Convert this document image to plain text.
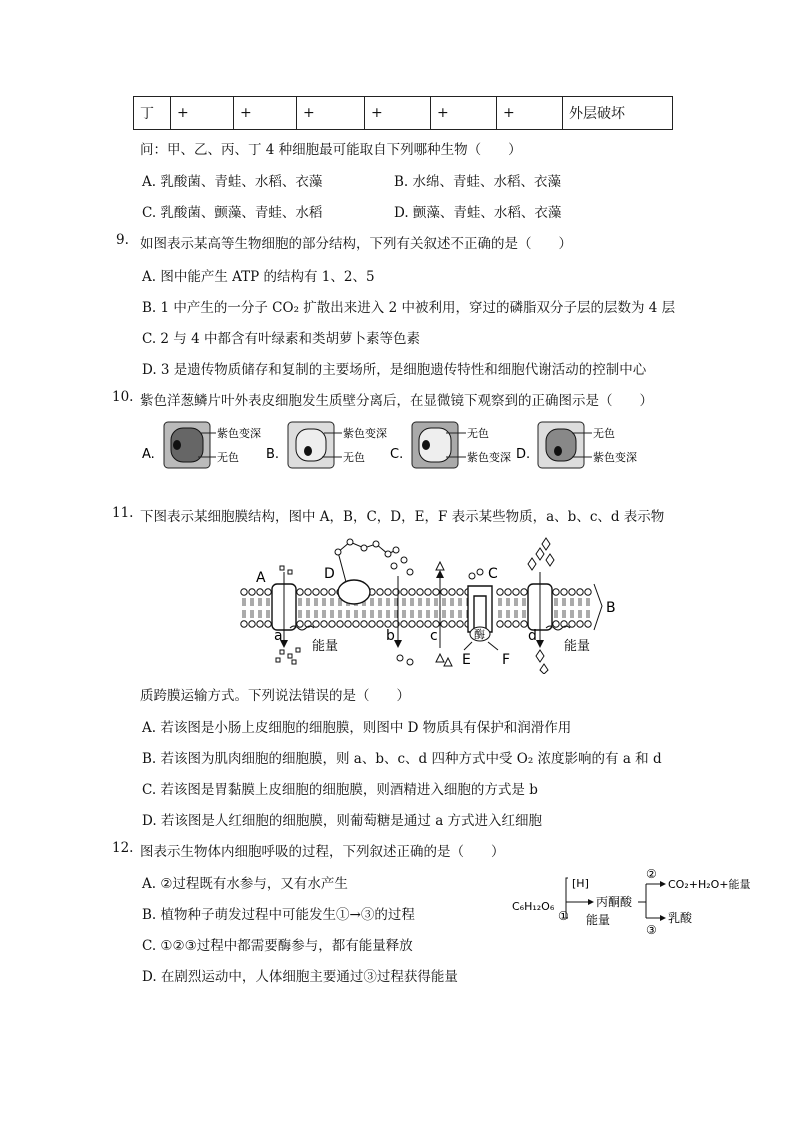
丁	+	+	+	+	+	+	外层破坏
问：甲、乙、丙、丁 4 种细胞最可能取自下列哪种生物（　　）
A. 乳酸菌、青蛙、水稻、衣藻	B. 水绵、青蛙、水稻、衣藻
C. 乳酸菌、颤藻、青蛙、水稻	D. 颤藻、青蛙、水稻、衣藻
9. 如图表示某高等生物细胞的部分结构，下列有关叙述不正确的是（　　）
A. 图中能产生 ATP 的结构有 1、2、5
B. 1 中产生的一分子 CO₂ 扩散出来进入 2 中被利用，穿过的磷脂双分子层的层数为 4 层
C. 2 与 4 中都含有叶绿素和类胡萝卜素等色素
D. 3 是遗传物质储存和复制的主要场所，是细胞遗传特性和细胞代谢活动的控制中心
10. 紫色洋葱鳞片叶外表皮细胞发生质壁分离后，在显微镜下观察到的正确图示是（　　）
A.
紫色变深
无色 B.
紫色变深
无色 C.
无色
紫色变深 D.
无色
紫色变深
11. 下图表示某细胞膜结构，图中 A，B，C，D，E，F 表示某些物质，a、b、c、d 表示物
A
B
C
D
E F
a	b	c	d
能量	能量
酶
质跨膜运输方式。下列说法错误的是（　　）
A. 若该图是小肠上皮细胞的细胞膜，则图中 D 物质具有保护和润滑作用
B. 若该图为肌肉细胞的细胞膜，则 a、b、c、d 四种方式中受 O₂ 浓度影响的有 a 和 d
C. 若该图是胃黏膜上皮细胞的细胞膜，则酒精进入细胞的方式是 b
D. 若该图是人红细胞的细胞膜，则葡萄糖是通过 a 方式进入红细胞
12. 图表示生物体内细胞呼吸的过程，下列叙述正确的是（　　）
A. ②过程既有水参与，又有水产生
B. 植物种子萌发过程中可能发生①→③的过程
C. ①②③过程中都需要酶参与，都有能量释放
D. 在剧烈运动中，人体细胞主要通过③过程获得能量
C₆H₁₂O₆
[H]
①
丙酮酸
能量
②
③
CO₂+H₂O+能量
乳酸
